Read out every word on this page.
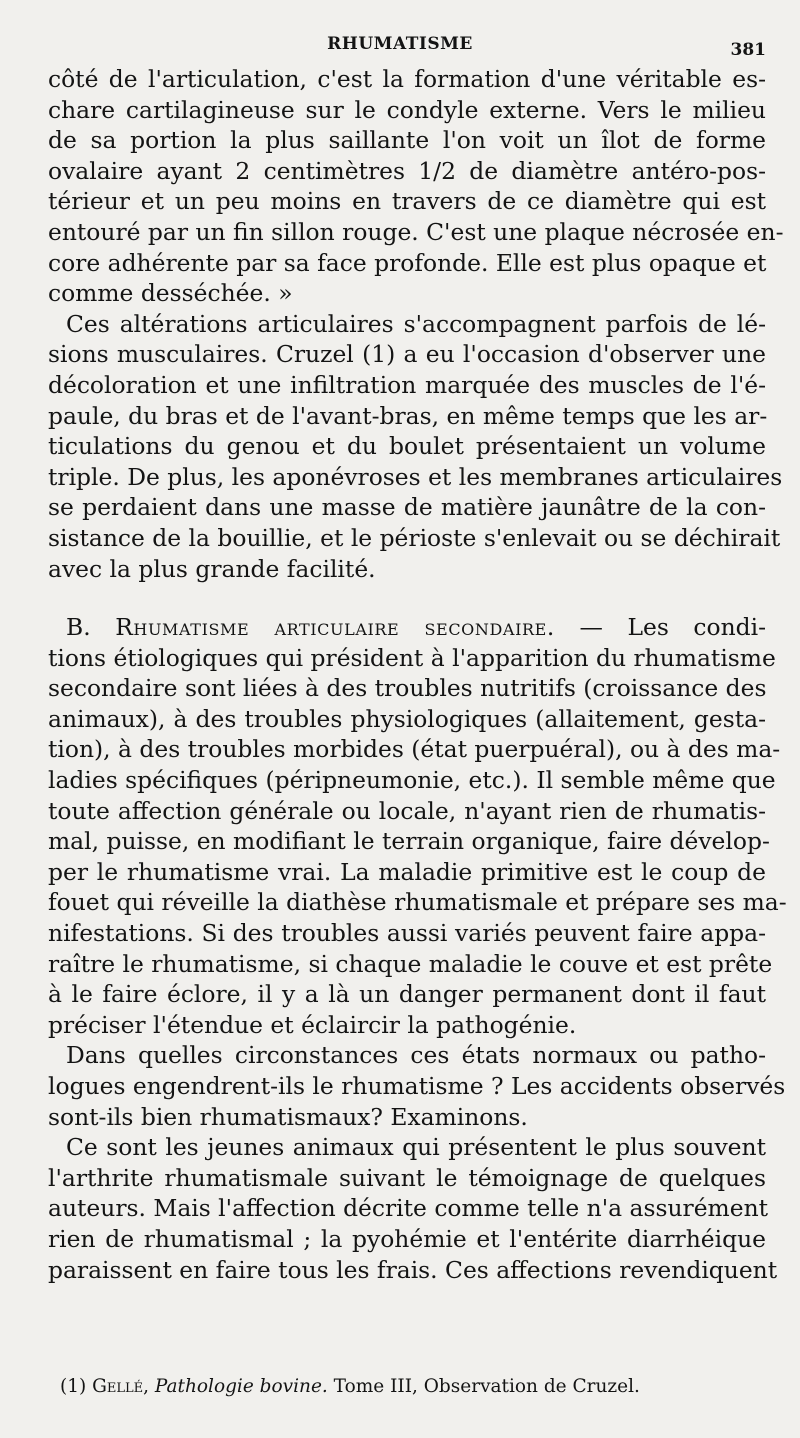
RHUMATISME	381
côté de l'articulation, c'est la formation d'une véritable es-
chare cartilagineuse sur le condyle externe. Vers le milieu
de sa portion la plus saillante l'on voit un îlot de forme
ovalaire ayant 2 centimètres 1/2 de diamètre antéro-pos-
térieur et un peu moins en travers de ce diamètre qui est
entouré par un fin sillon rouge. C'est une plaque nécrosée en-
core adhérente par sa face profonde. Elle est plus opaque et
comme desséchée. »
Ces altérations articulaires s'accompagnent parfois de lé-
sions musculaires. Cruzel (1) a eu l'occasion d'observer une
décoloration et une infiltration marquée des muscles de l'é-
paule, du bras et de l'avant-bras, en même temps que les ar-
ticulations du genou et du boulet présentaient un volume
triple. De plus, les aponévroses et les membranes articulaires
se perdaient dans une masse de matière jaunâtre de la con-
sistance de la bouillie, et le périoste s'enlevait ou se déchirait
avec la plus grande facilité.
B. Rhumatisme articulaire secondaire. — Les condi-
tions étiologiques qui président à l'apparition du rhumatisme
secondaire sont liées à des troubles nutritifs (croissance des
animaux), à des troubles physiologiques (allaitement, gesta-
tion), à des troubles morbides (état puerpuéral), ou à des ma-
ladies spécifiques (péripneumonie, etc.). Il semble même que
toute affection générale ou locale, n'ayant rien de rhumatis-
mal, puisse, en modifiant le terrain organique, faire dévelop-
per le rhumatisme vrai. La maladie primitive est le coup de
fouet qui réveille la diathèse rhumatismale et prépare ses ma-
nifestations. Si des troubles aussi variés peuvent faire appa-
raître le rhumatisme, si chaque maladie le couve et est prête
à le faire éclore, il y a là un danger permanent dont il faut
préciser l'étendue et éclaircir la pathogénie.
Dans quelles circonstances ces états normaux ou patho-
logues engendrent-ils le rhumatisme ? Les accidents observés
sont-ils bien rhumatismaux? Examinons.
Ce sont les jeunes animaux qui présentent le plus souvent
l'arthrite rhumatismale suivant le témoignage de quelques
auteurs. Mais l'affection décrite comme telle n'a assurément
rien de rhumatismal ; la pyohémie et l'entérite diarrhéique
paraissent en faire tous les frais. Ces affections revendiquent
(1) Gellé, Pathologie bovine. Tome III, Observation de Cruzel.
